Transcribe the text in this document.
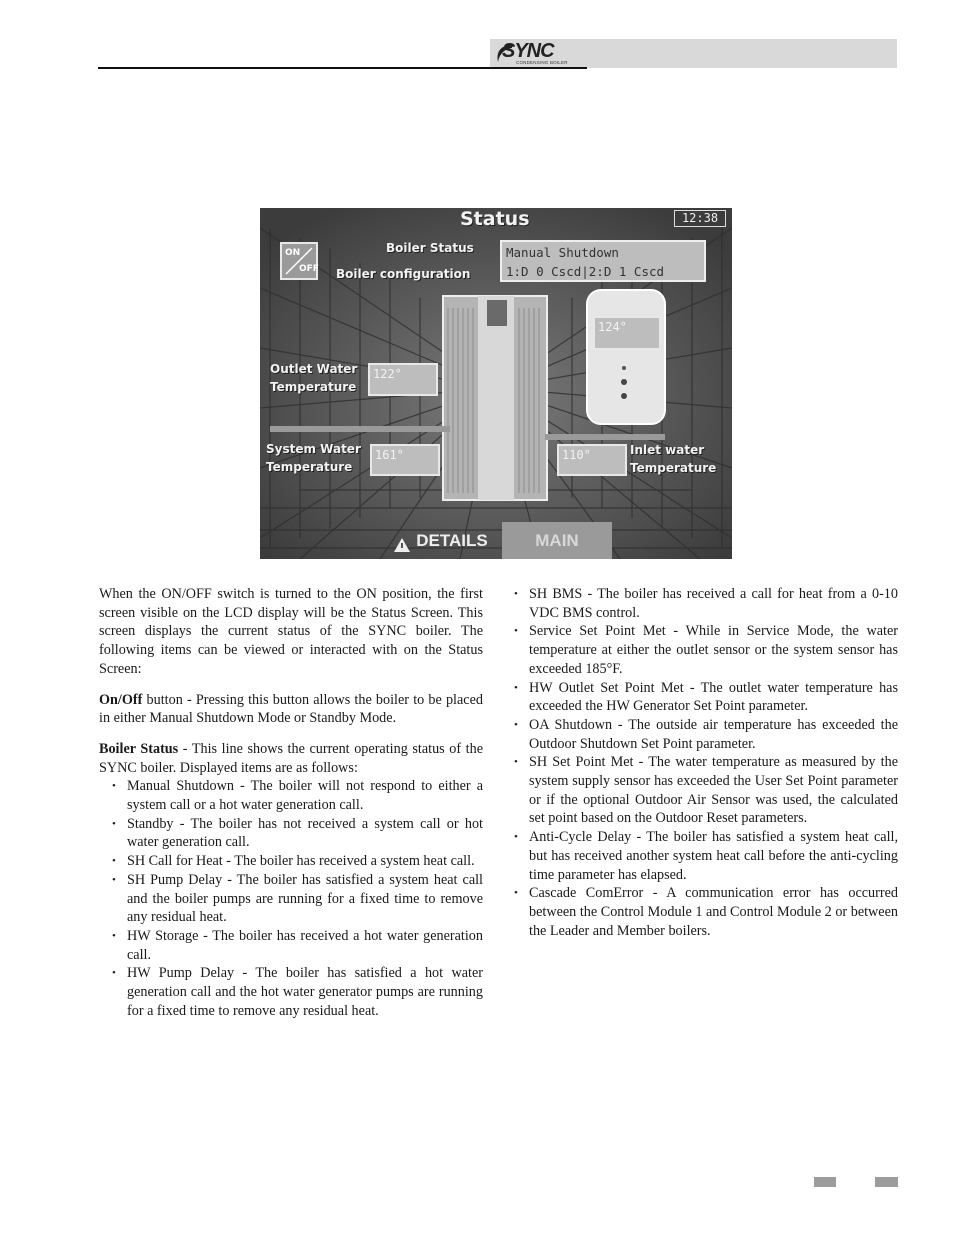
SYNC
CONDENSING BOILER
Status	12:38
ON
OFF
Boiler Status
Boiler configuration
Manual Shutdown
1:D 0 Cscd|2:D 1 Cscd
Outlet Water
Temperature
122°
124°
System Water
Temperature
161°	110°	Inlet water
Temperature
DETAILS	MAIN

When the ON/OFF switch is turned to the ON position, the first screen visible on the LCD display will be the Status Screen. This screen displays the current status of the SYNC boiler. The following items can be viewed or interacted with on the Status Screen:

On/Off button - Pressing this button allows the boiler to be placed in either Manual Shutdown Mode or Standby Mode.

Boiler Status - This line shows the current operating status of the SYNC boiler. Displayed items are as follows:

• Manual Shutdown - The boiler will not respond to either a system call or a hot water generation call.
• Standby - The boiler has not received a system call or hot water generation call.
• SH Call for Heat - The boiler has received a system heat call.
• SH Pump Delay - The boiler has satisfied a system heat call and the boiler pumps are running for a fixed time to remove any residual heat.
• HW Storage - The boiler has received a hot water generation call.
• HW Pump Delay - The boiler has satisfied a hot water generation call and the hot water generator pumps are running for a fixed time to remove any residual heat.
• SH BMS - The boiler has received a call for heat from a 0-10 VDC BMS control.
• Service Set Point Met - While in Service Mode, the water temperature at either the outlet sensor or the system sensor has exceeded 185°F.
• HW Outlet Set Point Met - The outlet water temperature has exceeded the HW Generator Set Point parameter.
• OA Shutdown - The outside air temperature has exceeded the Outdoor Shutdown Set Point parameter.
• SH Set Point Met - The water temperature as measured by the system supply sensor has exceeded the User Set Point parameter or if the optional Outdoor Air Sensor was used, the calculated set point based on the Outdoor Reset parameters.
• Anti-Cycle Delay - The boiler has satisfied a system heat call, but has received another system heat call before the anti-cycling time parameter has elapsed.
• Cascade ComError - A communication error has occurred between the Control Module 1 and Control Module 2 or between the Leader and Member boilers.
